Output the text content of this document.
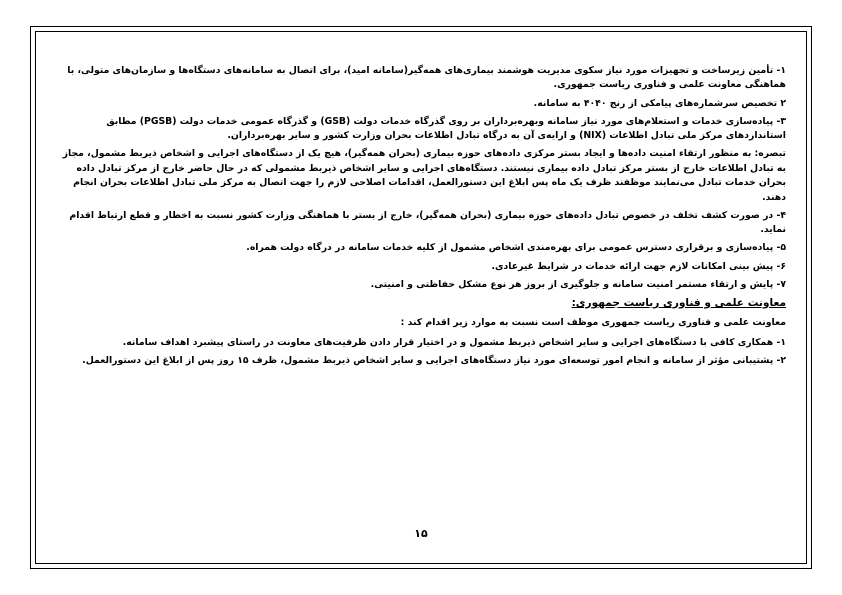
۱- تأمین زیرساخت و تجهیزات مورد نیاز سکوی مدیریت هوشمند بیماری‌های همه‌گیر(سامانه امید)، برای اتصال به سامانه‌های دستگاه‌ها و سازمان‌های متولی، با هماهنگی معاونت علمی و فناوری ریاست جمهوری.

۲ تخصیص سرشماره‌های پیامکی از رنج ۴۰۴۰ به سامانه.

۳- پیاده‌سازی خدمات و استعلام‌های مورد نیاز سامانه وبهره‌برداران بر روی گذرگاه خدمات دولت (GSB) و گذرگاه عمومی خدمات دولت (PGSB) مطابق استانداردهای مرکز ملی تبادل اطلاعات (NIX) و ارایه‌ی آن به درگاه تبادل اطلاعات بحران وزارت کشور و سایر بهره‌برداران.

تبصره: به منظور ارتقاء امنیت داده‌ها و ایجاد بستر مرکزی داده‌های حوزه بیماری (بحران همه‌گیر)، هیچ یک از دستگاه‌های اجرایی و اشخاص ذیربط مشمول، مجاز به تبادل اطلاعات خارج از بستر مرکز تبادل داده بیماری نیستند. دستگاه‌های اجرایی و سایر اشخاص ذیربط مشمولی که در حال حاضر خارج از مرکز تبادل داده بحران خدمات تبادل می‌نمایند موظفند ظرف یک ماه پس ابلاغ این دستورالعمل، اقدامات اصلاحی لازم را جهت اتصال به مرکز ملی تبادل اطلاعات بحران انجام دهند.

۴- در صورت کشف تخلف در خصوص تبادل داده‌های حوزه بیماری (بحران همه‌گیر)، خارج از بستر با هماهنگی وزارت کشور نسبت به اخطار و قطع ارتباط اقدام نماید.

۵- پیاده‌سازی و برقراری دسترس عمومی برای بهره‌مندی اشخاص مشمول از کلیه خدمات سامانه در درگاه دولت همراه.

۶- پیش بینی امکانات لازم جهت ارائه خدمات در شرایط غیرعادی.

۷- پایش و ارتقاء مستمر امنیت سامانه و جلوگیری از بروز هر نوع مشکل حفاظتی و امنیتی.

معاونت علمی و فناوری ریاست جمهوری:

معاونت علمی و فناوری ریاست جمهوری موظف است نسبت به موارد زیر اقدام کند :

۱- همکاری کافی با دستگاه‌های اجرایی و سایر اشخاص ذیربط مشمول و در اختیار قرار دادن ظرفیت‌های معاونت در راستای پیشبرد اهداف سامانه.

۲- پشتیبانی مؤثر از سامانه و انجام امور توسعه‌ای مورد نیاز دستگاه‌های اجرایی و سایر اشخاص ذیربط مشمول، ظرف ۱۵ روز پس از ابلاغ این دستورالعمل.

۱۵
